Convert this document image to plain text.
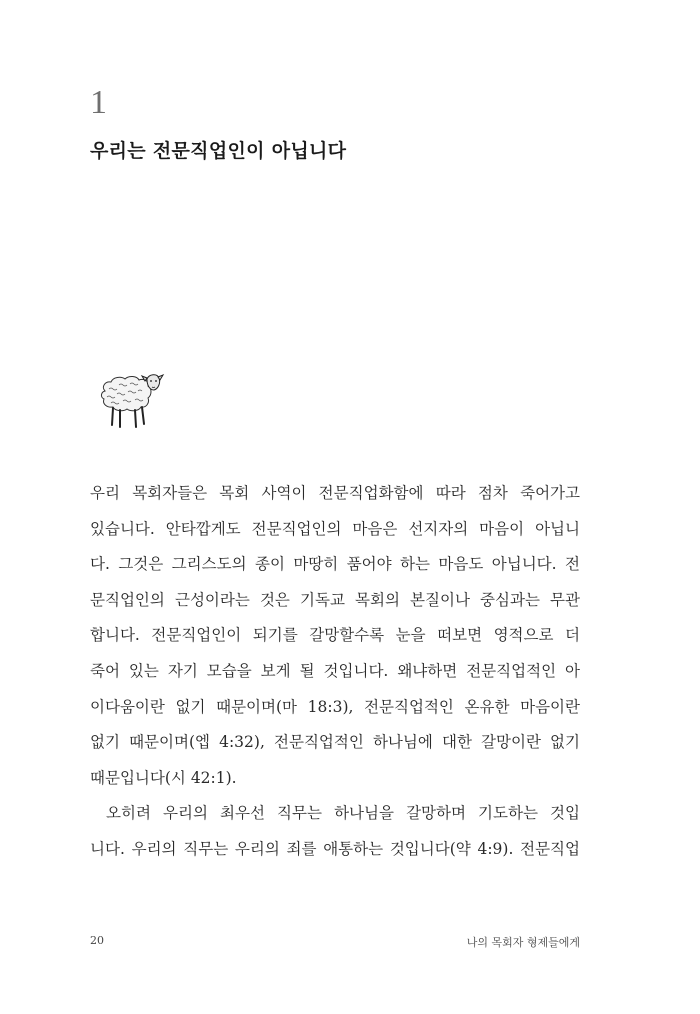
1
우리는 전문직업인이 아닙니다

우리 목회자들은 목회 사역이 전문직업화함에 따라 점차 죽어가고
있습니다. 안타깝게도 전문직업인의 마음은 선지자의 마음이 아닙니
다. 그것은 그리스도의 종이 마땅히 품어야 하는 마음도 아닙니다. 전
문직업인의 근성이라는 것은 기독교 목회의 본질이나 중심과는 무관
합니다. 전문직업인이 되기를 갈망할수록 눈을 떠보면 영적으로 더
죽어 있는 자기 모습을 보게 될 것입니다. 왜냐하면 전문직업적인 아
이다움이란 없기 때문이며(마 18:3), 전문직업적인 온유한 마음이란
없기 때문이며(엡 4:32), 전문직업적인 하나님에 대한 갈망이란 없기
때문입니다(시 42:1).

오히려 우리의 최우선 직무는 하나님을 갈망하며 기도하는 것입
니다. 우리의 직무는 우리의 죄를 애통하는 것입니다(약 4:9). 전문직업

20	나의 목회자 형제들에게
